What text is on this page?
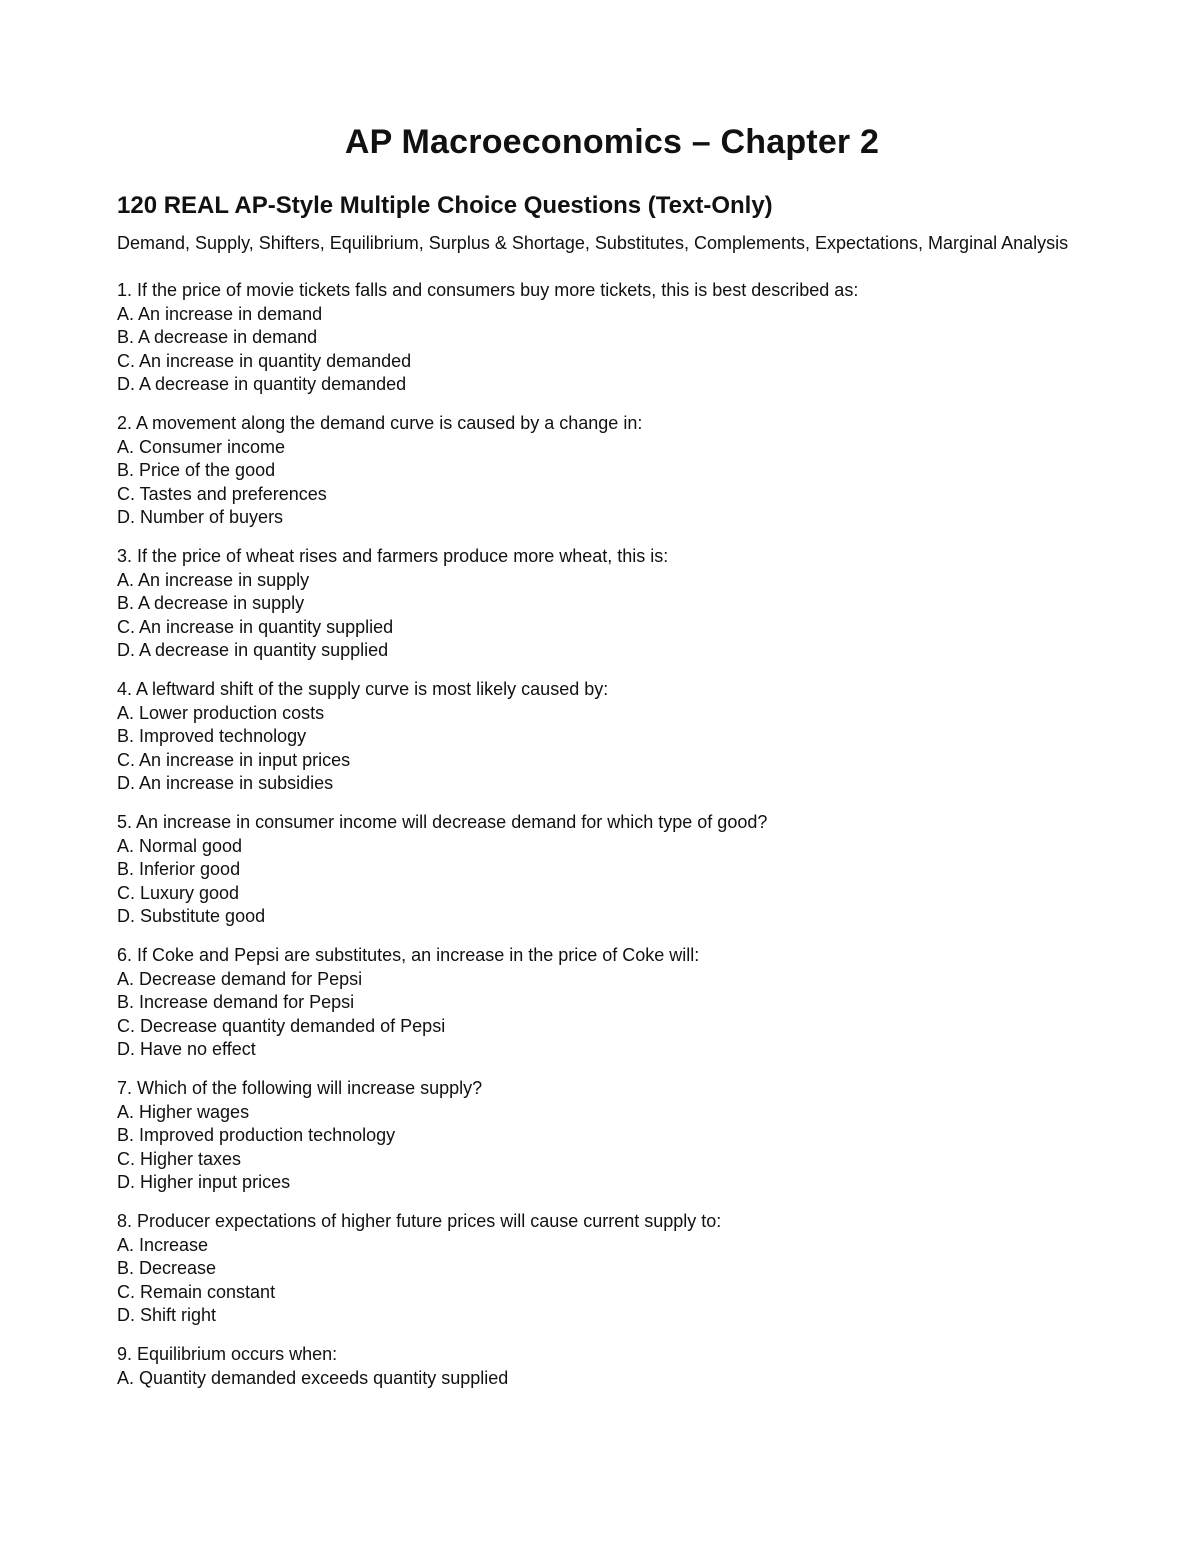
AP Macroeconomics – Chapter 2
120 REAL AP-Style Multiple Choice Questions (Text-Only)

Demand, Supply, Shifters, Equilibrium, Surplus & Shortage, Substitutes, Complements, Expectations, Marginal Analysis

1. If the price of movie tickets falls and consumers buy more tickets, this is best described as:
A. An increase in demand
B. A decrease in demand
C. An increase in quantity demanded
D. A decrease in quantity demanded
2. A movement along the demand curve is caused by a change in:
A. Consumer income
B. Price of the good
C. Tastes and preferences
D. Number of buyers
3. If the price of wheat rises and farmers produce more wheat, this is:
A. An increase in supply
B. A decrease in supply
C. An increase in quantity supplied
D. A decrease in quantity supplied
4. A leftward shift of the supply curve is most likely caused by:
A. Lower production costs
B. Improved technology
C. An increase in input prices
D. An increase in subsidies
5. An increase in consumer income will decrease demand for which type of good?
A. Normal good
B. Inferior good
C. Luxury good
D. Substitute good
6. If Coke and Pepsi are substitutes, an increase in the price of Coke will:
A. Decrease demand for Pepsi
B. Increase demand for Pepsi
C. Decrease quantity demanded of Pepsi
D. Have no effect
7. Which of the following will increase supply?
A. Higher wages
B. Improved production technology
C. Higher taxes
D. Higher input prices
8. Producer expectations of higher future prices will cause current supply to:
A. Increase
B. Decrease
C. Remain constant
D. Shift right
9. Equilibrium occurs when:
A. Quantity demanded exceeds quantity supplied
